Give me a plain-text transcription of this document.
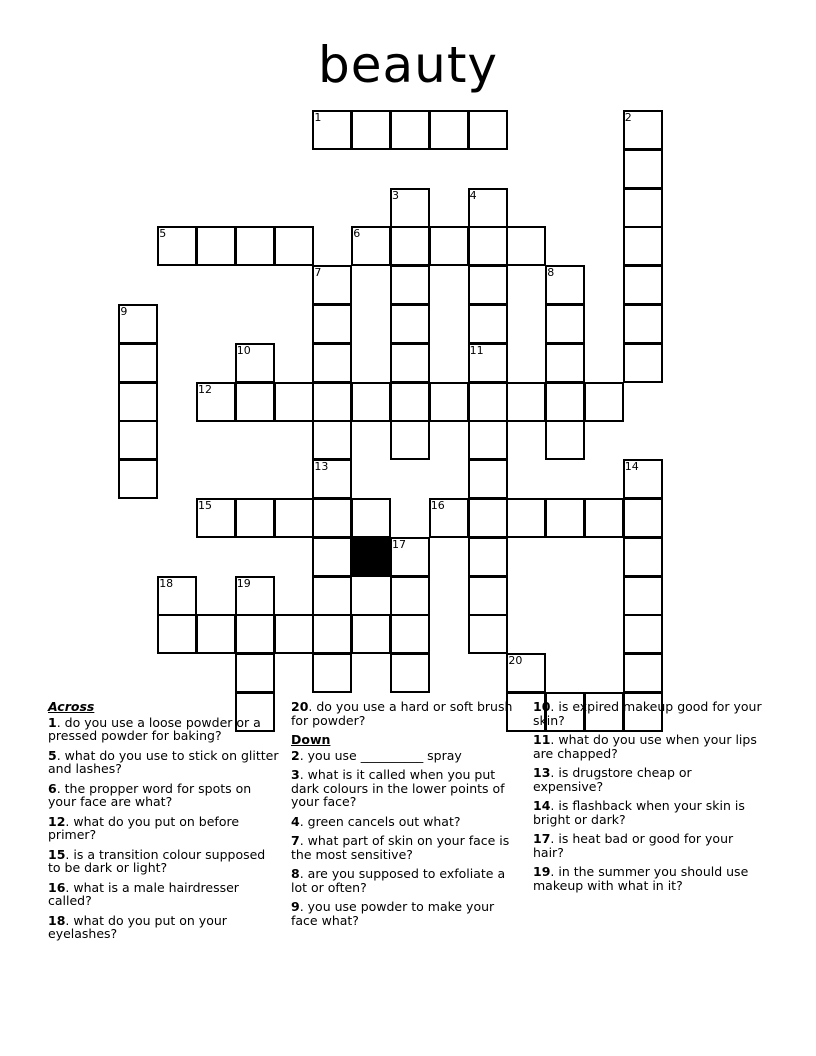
beauty
1	2
3	4
5	6
7
13
8
9
10	11
12
15	16
14
17
18	19
20
Across
1. do you use a loose powder or a pressed powder for baking?
5. what do you use to stick on glitter and lashes?
6. the propper word for spots on your face are what?
12. what do you put on before primer?
15. is a transition colour supposed to be dark or light?
16. what is a male hairdresser called?
18. what do you put on your eyelashes?
20. do you use a hard or soft brush for powder?
Down
2. you use __________ spray
3. what is it called when you put dark colours in the lower points of your face?
4. green cancels out what?
7. what part of skin on your face is the most sensitive?
8. are you supposed to exfoliate a lot or often?
9. you use powder to make your face what?
10. is expired makeup good for your skin?
11. what do you use when your lips are chapped?
13. is drugstore cheap or expensive?
14. is flashback when your skin is bright or dark?
17. is heat bad or good for your hair?
19. in the summer you should use makeup with what in it?
